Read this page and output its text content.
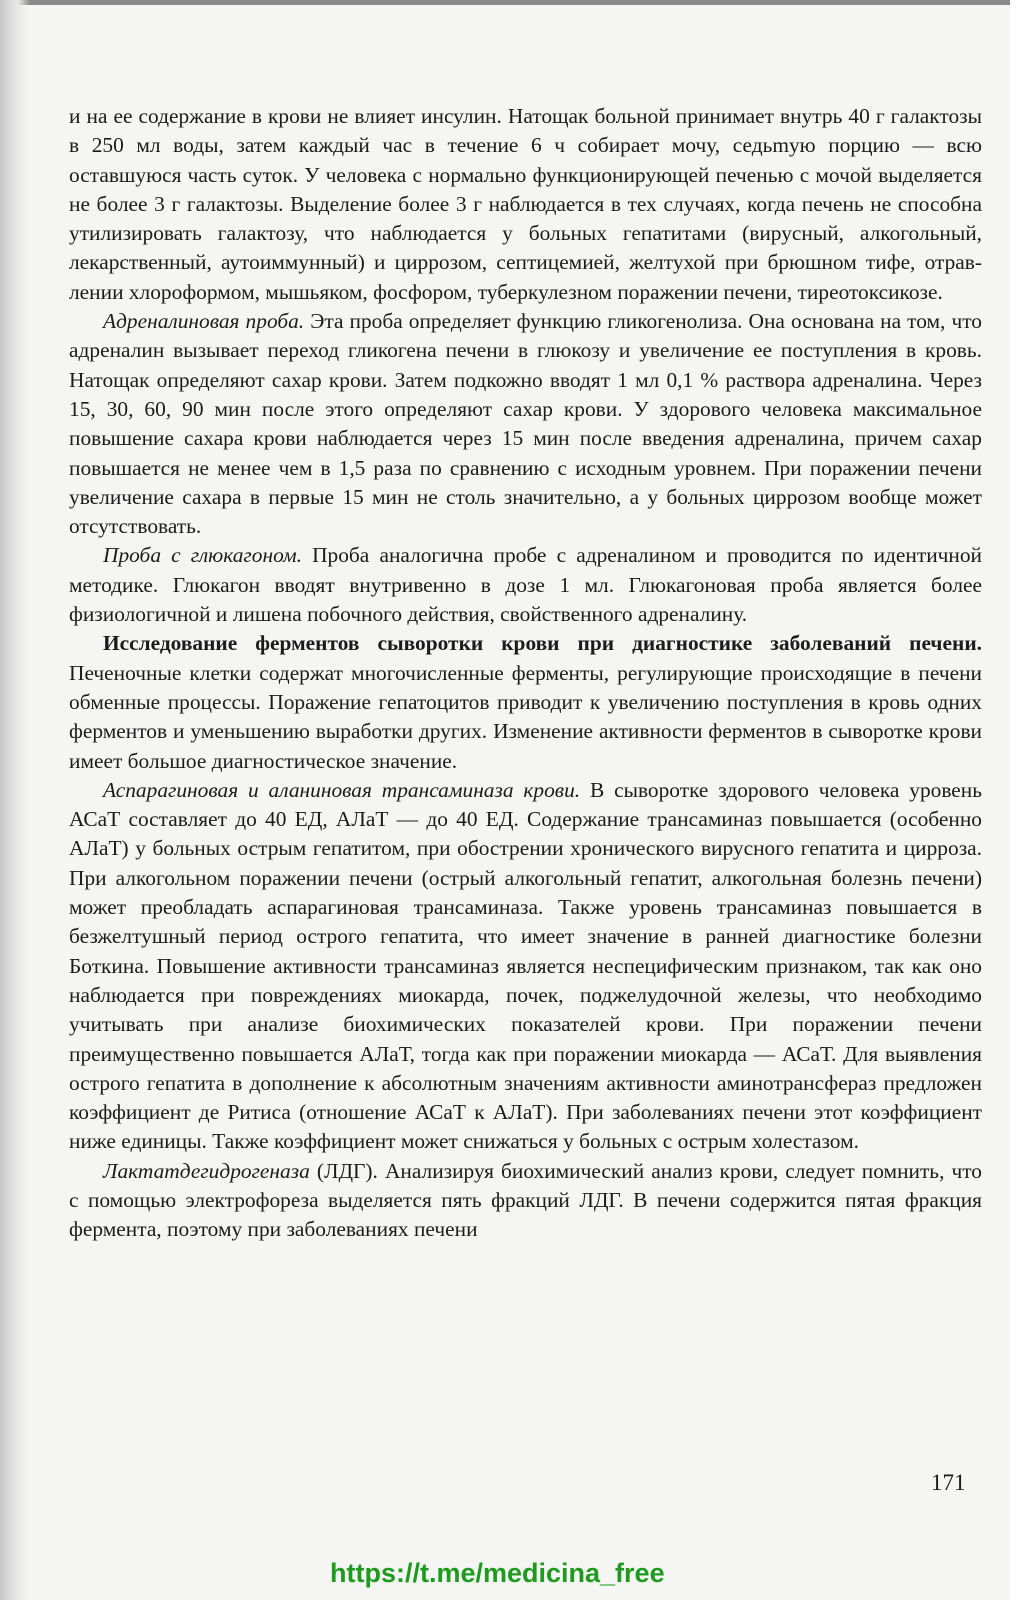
и на ее содержание в крови не влияет инсулин. Натощак больной принимает внутрь 40 г галактозы в 250 мл воды, затем каждый час в течение 6 ч собирает мочу, седьmую порцию — всю оставшуюся часть суток. У человека с нормально функционирующей печенью с мочой выделяется не более 3 г галактозы. Выделение более 3 г наблюдается в тех случаях, когда печень не способна утилизировать галактозу, что наблюдается у больных гепатитами (вирусный, алкогольный, лекарственный, аутоиммунный) и циррозом, септицемией, желтухой при брюшном тифе, отравлении хлороформом, мышьяком, фосфором, туберкулезном поражении печени, тиреотоксикозе.

Адреналиновая проба. Эта проба определяет функцию гликогенолиза. Она основана на том, что адреналин вызывает переход гликогена печени в глюкозу и увеличение ее поступления в кровь. Натощак определяют сахар крови. Затем подкожно вводят 1 мл 0,1 % раствора адреналина. Через 15, 30, 60, 90 мин после этого определяют сахар крови. У здорового человека максимальное повышение сахара крови наблюдается через 15 мин после введения адреналина, причем сахар повышается не менее чем в 1,5 раза по сравнению с исходным уровнем. При поражении печени увеличение сахара в первые 15 мин не столь значительно, а у больных циррозом вообще может отсутствовать.

Проба с глюкагоном. Проба аналогична пробе с адреналином и проводится по идентичной методике. Глюкагон вводят внутривенно в дозе 1 мл. Глюкагоновая проба является более физиологичной и лишена побочного действия, свойственного адреналину.

Исследование ферментов сыворотки крови при диагностике заболеваний печени. Печеночные клетки содержат многочисленные ферменты, регулирующие происходящие в печени обменные процессы. Поражение гепатоцитов приводит к увеличению поступления в кровь одних ферментов и уменьшению выработки других. Изменение активности ферментов в сыворотке крови имеет большое диагностическое значение.

Аспарагиновая и аланиновая трансаминаза крови. В сыворотке здорового человека уровень АСаТ составляет до 40 ЕД, АЛаТ — до 40 ЕД. Содержание трансаминаз повышается (особенно АЛаТ) у больных острым гепатитом, при обострении хронического вирусного гепатита и цирроза. При алкогольном поражении печени (острый алкогольный гепатит, алкогольная болезнь печени) может преобладать аспарагиновая трансаминаза. Также уровень трансаминаз повышается в безжелтушный период острого гепатита, что имеет значение в ранней диагностике болезни Боткина. Повышение активности трансаминаз является неспецифическим признаком, так как оно наблюдается при повреждениях миокарда, почек, поджелудочной железы, что необходимо учитывать при анализе биохимических показателей крови. При поражении печени преимущественно повышается АЛаТ, тогда как при поражении миокарда — АСаТ. Для выявления острого гепатита в дополнение к абсолютным значениям активности аминотрансфераз предложен коэффициент де Ритиса (отношение АСаТ к АЛаТ). При заболеваниях печени этот коэффициент ниже единицы. Также коэффициент может снижаться у больных с острым холестазом.

Лактатдегидрогеназа (ЛДГ). Анализируя биохимический анализ крови, следует помнить, что с помощью электрофореза выделяется пять фракций ЛДГ. В печени содержится пятая фракция фермента, поэтому при заболеваниях печени

171
https://t.me/medicina_free
